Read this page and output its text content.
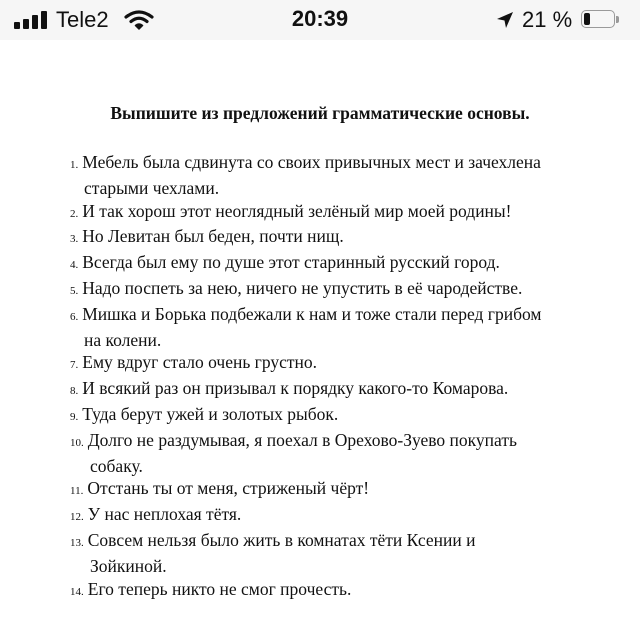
Tele2	20:39	21 %
Выпишите из предложений грамматические основы.
1. Мебель была сдвинута со своих привычных мест и зачехлена
старыми чехлами.
2. И так хорош этот неоглядный зелёный мир моей родины!
3. Но Левитан был беден, почти нищ.
4. Всегда был ему по душе этот старинный русский город.
5. Надо поспеть за нею, ничего не упустить в её чародействе.
6. Мишка и Борька подбежали к нам и тоже стали перед грибом
на колени.
7. Ему вдруг стало очень грустно.
8. И всякий раз он призывал к порядку какого-то Комарова.
9. Туда берут ужей и золотых рыбок.
10. Долго не раздумывая, я поехал в Орехово-Зуево покупать
собаку.
11. Отстань ты от меня, стриженый чёрт!
12. У нас неплохая тётя.
13. Совсем нельзя было жить в комнатах тёти Ксении и
Зойкиной.
14. Его теперь никто не смог прочесть.
